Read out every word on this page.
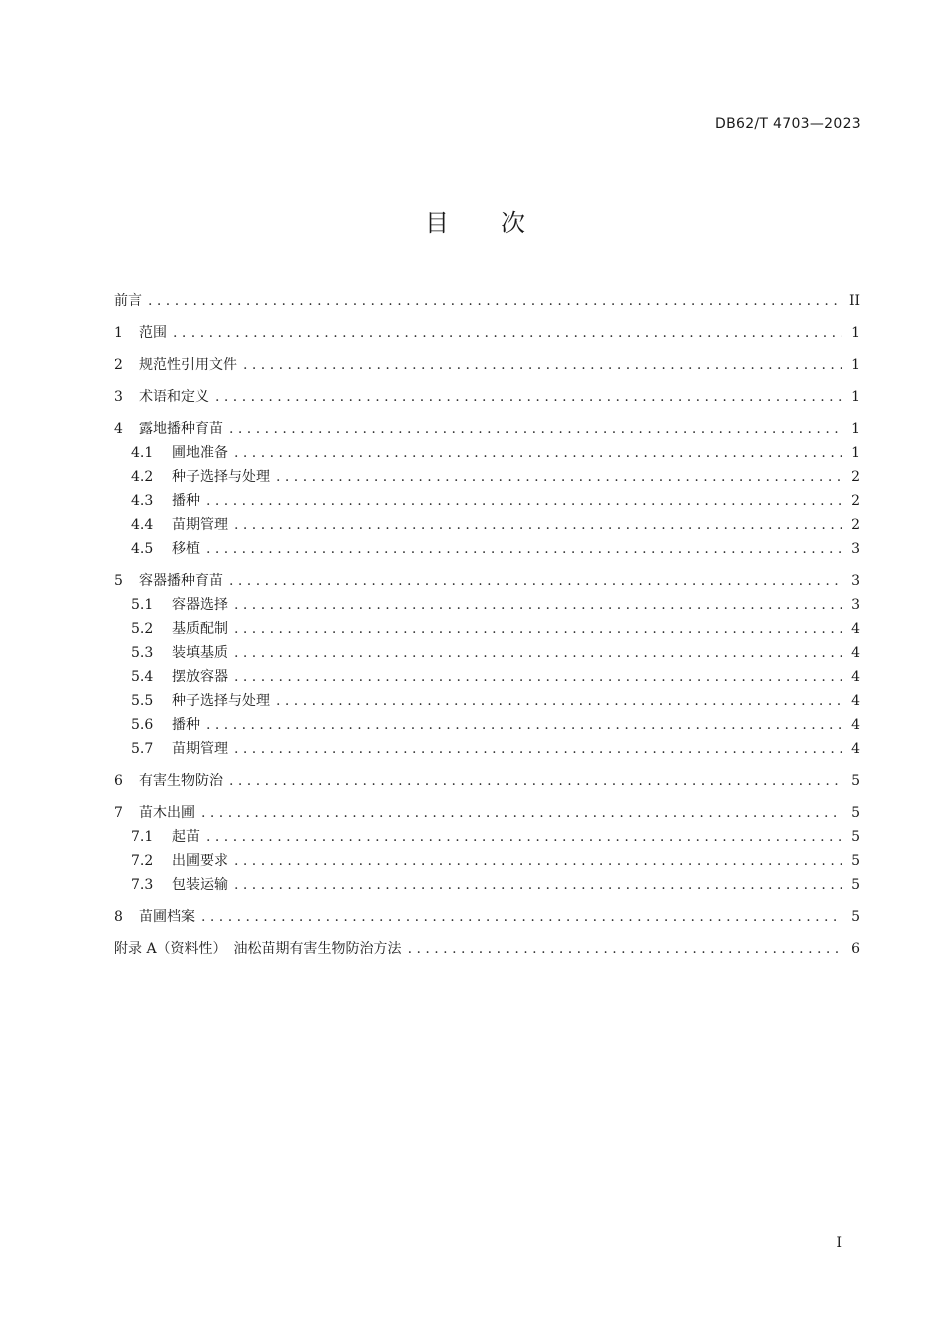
DB62/T 4703—2023
目 次
前言 . . .	II
1	范围 . . .	1
2	规范性引用文件 . . .	1
3	术语和定义 . . .	1
4	露地播种育苗 . . .	1
4.1	圃地准备 . . .	1
4.2	种子选择与处理 . . .	2
4.3	播种 . . .	2
4.4	苗期管理 . . .	2
4.5	移植 . . .	3
5	容器播种育苗 . . .	3
5.1	容器选择 . . .	3
5.2	基质配制 . . .	4
5.3	装填基质 . . .	4
5.4	摆放容器 . . .	4
5.5	种子选择与处理 . . .	4
5.6	播种 . . .	4
5.7	苗期管理 . . .	4
6	有害生物防治 . . .	5
7	苗木出圃 . . .	5
7.1	起苗 . . .	5
7.2	出圃要求 . . .	5
7.3	包装运输 . . .	5
8	苗圃档案 . . .	5
附录 A（资料性）　油松苗期有害生物防治方法 . . .	6
I
